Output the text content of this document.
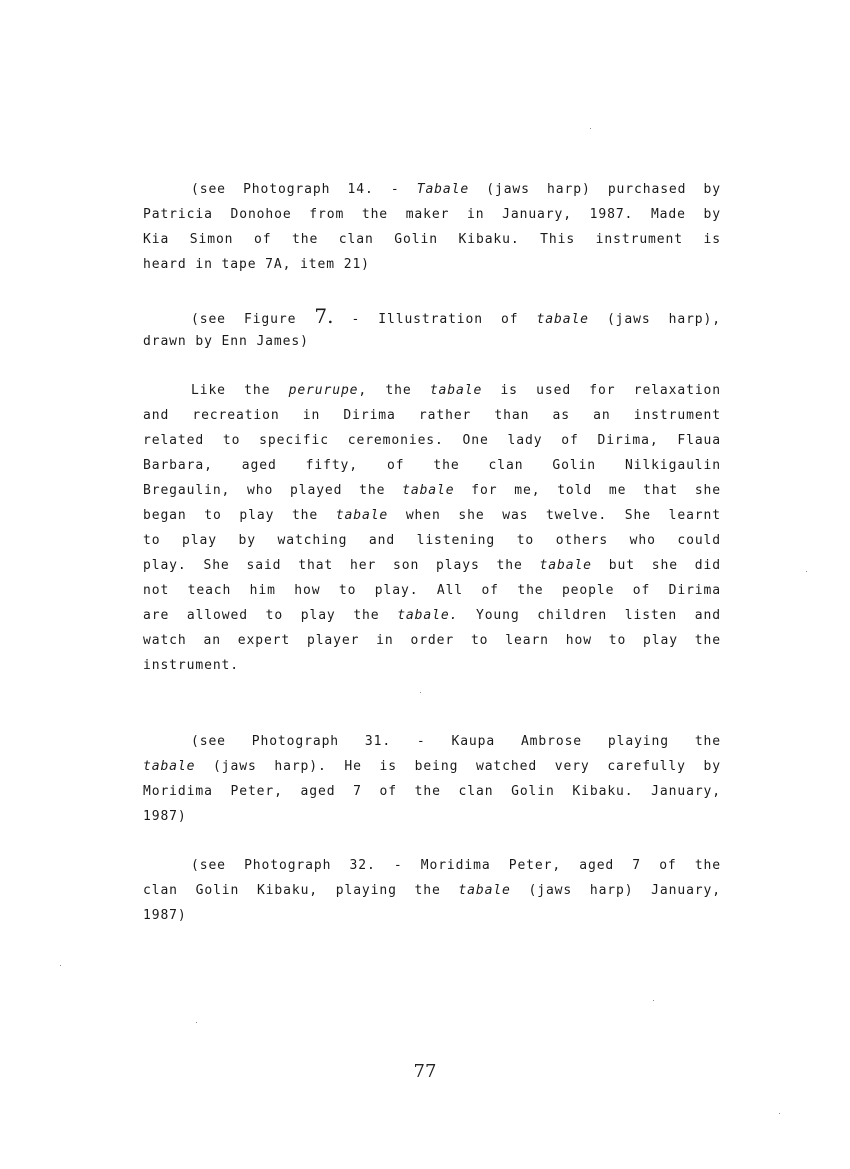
(see Photograph 14. - Tabale (jaws harp) purchased by
Patricia Donohoe from the maker in January, 1987. Made by
Kia Simon of the clan Golin Kibaku. This instrument is
heard in tape 7A, item 21)
(see Figure 7. - Illustration of tabale (jaws harp),
drawn by Enn James)
Like the perurupe, the tabale is used for relaxation
and recreation in Dirima rather than as an instrument
related to specific ceremonies. One lady of Dirima, Flaua
Barbara, aged fifty, of the clan Golin Nilkigaulin
Bregaulin, who played the tabale for me, told me that she
began to play the tabale when she was twelve. She learnt
to play by watching and listening to others who could
play. She said that her son plays the tabale but she did
not teach him how to play. All of the people of Dirima
are allowed to play the tabale. Young children listen and
watch an expert player in order to learn how to play the
instrument.
(see Photograph 31. - Kaupa Ambrose playing the
tabale (jaws harp). He is being watched very carefully by
Moridima Peter, aged 7 of the clan Golin Kibaku. January,
1987)
(see Photograph 32. - Moridima Peter, aged 7 of the
clan Golin Kibaku, playing the tabale (jaws harp) January,
1987)
77
